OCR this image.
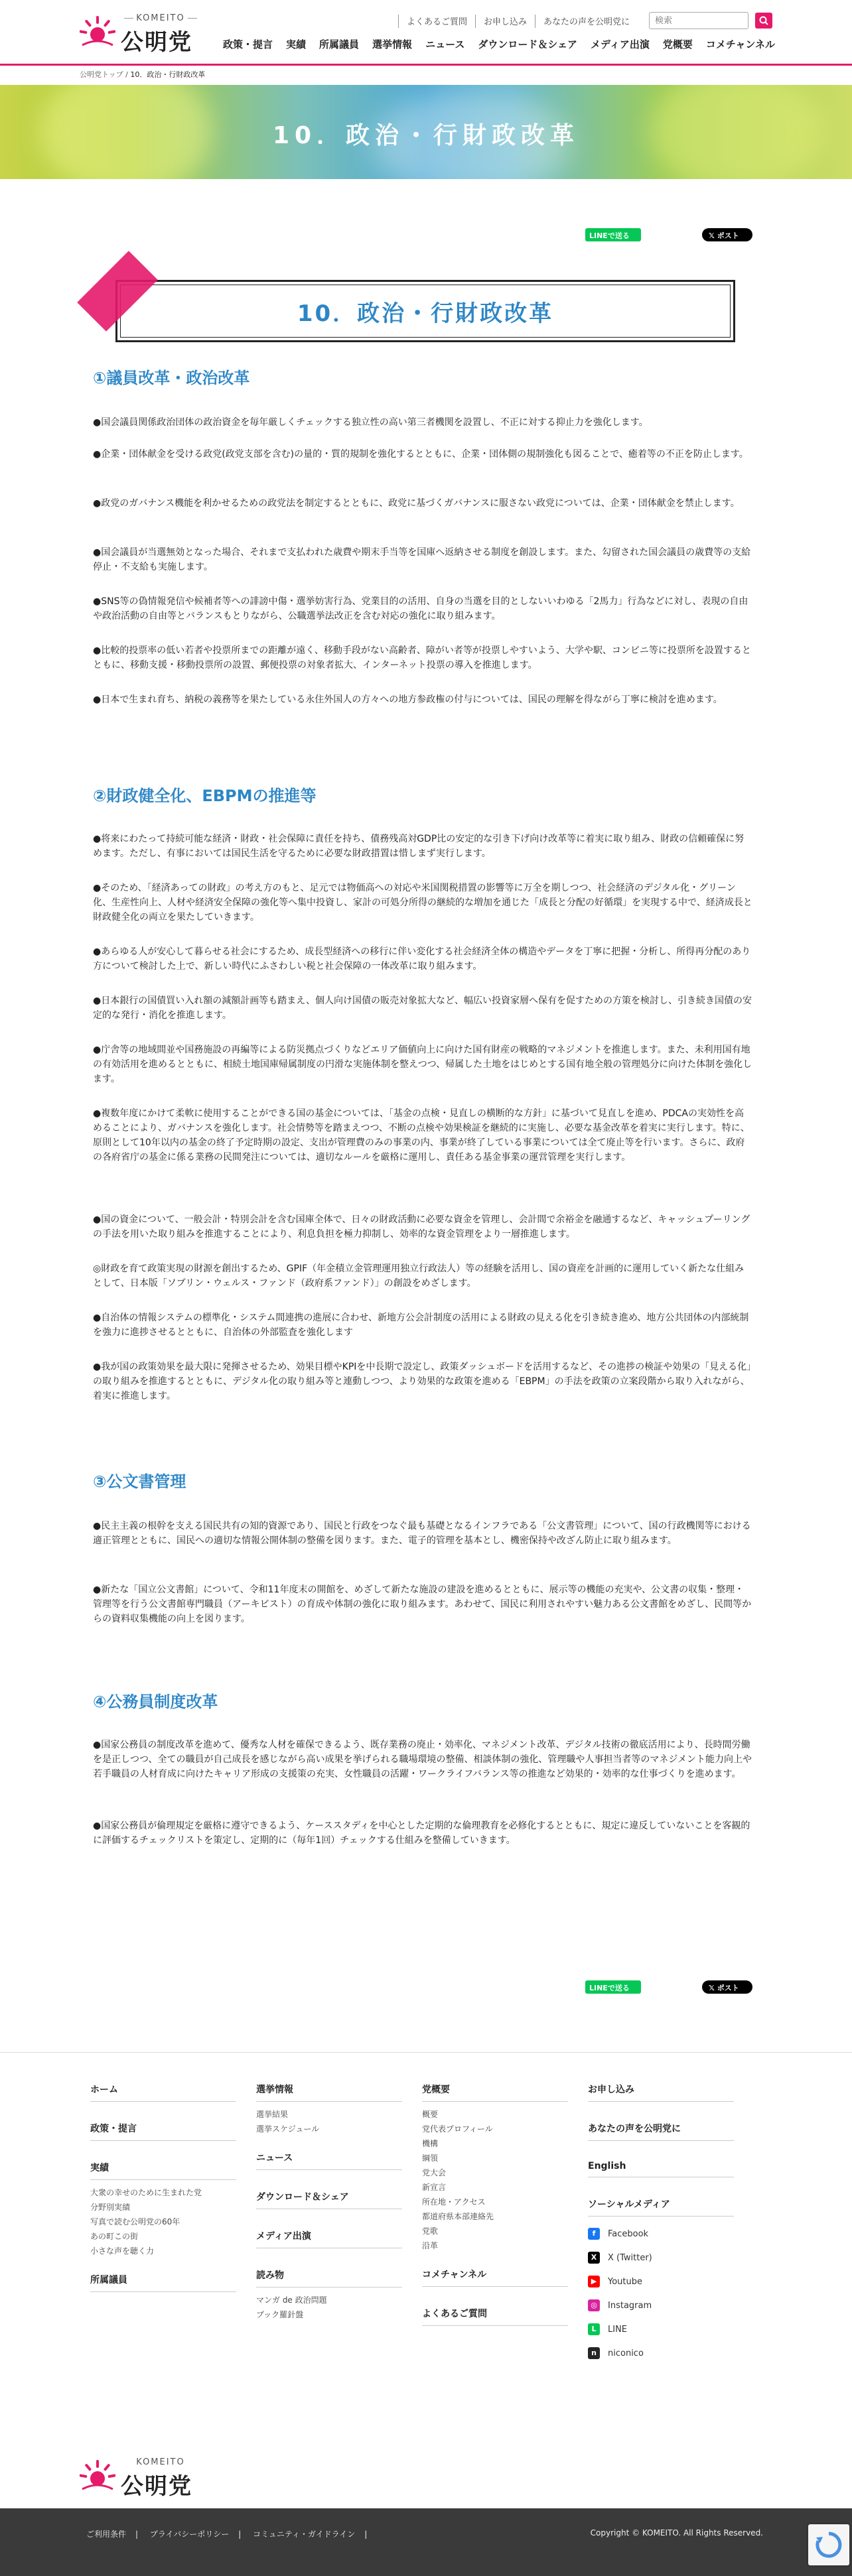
KOMEITO
公明党
よくあるご質問	お申し込み	あなたの声を公明党に
検索
政策・提言 実績 所属議員 選挙情報 ニュース ダウンロード＆シェア メディア出演 党概要 コメチャンネル
公明党トップ / 10．政治・行財政改革
10．政治・行財政改革
LINEで送る	𝕏 ポスト
10．政治・行財政改革
①議員改革・政治改革
●国会議員関係政治団体の政治資金を毎年厳しくチェックする独立性の高い第三者機関を設置し、不正に対する抑止力を強化します。
●企業・団体献金を受ける政党(政党支部を含む)の量的・質的規制を強化するとともに、企業・団体側の規制強化も図ることで、癒着等の不正を防止します。
●政党のガバナンス機能を利かせるための政党法を制定するとともに、政党に基づくガバナンスに服さない政党については、企業・団体献金を禁止します。
●国会議員が当選無効となった場合、それまで支払われた歳費や期末手当等を国庫へ返納させる制度を創設します。また、勾留された国会議員の歳費等の支給停止・不支給も実施します。
●SNS等の偽情報発信や候補者等への誹謗中傷・選挙妨害行為、党業目的の活用、自身の当選を目的としないいわゆる「2馬力」行為などに対し、表現の自由や政治活動の自由等とバランスもとりながら、公職選挙法改正を含む対応の強化に取り組みます。
●比較的投票率の低い若者や投票所までの距離が遠く、移動手段がない高齢者、障がい者等が投票しやすいよう、大学や駅、コンビニ等に投票所を設置するとともに、移動支援・移動投票所の設置、郵便投票の対象者拡大、インターネット投票の導入を推進します。
●日本で生まれ育ち、納税の義務等を果たしている永住外国人の方々への地方参政権の付与については、国民の理解を得ながら丁寧に検討を進めます。
②財政健全化、EBPMの推進等
●将来にわたって持続可能な経済・財政・社会保障に責任を持ち、債務残高対GDP比の安定的な引き下げ向け改革等に着実に取り組み、財政の信頼確保に努めます。ただし、有事においては国民生活を守るために必要な財政措置は惜しまず実行します。
●そのため、「経済あっての財政」の考え方のもと、足元では物価高への対応や米国関税措置の影響等に万全を期しつつ、社会経済のデジタル化・グリーン化、生産性向上、人材や経済安全保障の強化等へ集中投資し、家計の可処分所得の継続的な増加を通じた「成長と分配の好循環」を実現する中で、経済成長と財政健全化の両立を果たしていきます。
●あらゆる人が安心して暮らせる社会にするため、成長型経済への移行に伴い変化する社会経済全体の構造やデータを丁寧に把握・分析し、所得再分配のあり方について検討した上で、新しい時代にふさわしい税と社会保障の一体改革に取り組みます。
●日本銀行の国債買い入れ額の減額計画等も踏まえ、個人向け国債の販売対象拡大など、幅広い投資家層へ保有を促すための方策を検討し、引き続き国債の安定的な発行・消化を推進します。
●庁舎等の地域間並や国務施設の再編等による防災拠点づくりなどエリア価値向上に向けた国有財産の戦略的マネジメントを推進します。また、未利用国有地の有効活用を進めるとともに、相続土地国庫帰属制度の円滑な実施体制を整えつつ、帰属した土地をはじめとする国有地全般の管理処分に向けた体制を強化します。
●複数年度にかけて柔軟に使用することができる国の基金については、「基金の点検・見直しの横断的な方針」に基づいて見直しを進め、PDCAの実効性を高めることにより、ガバナンスを強化します。社会情勢等を踏まえつつ、不断の点検や効果検証を継続的に実施し、必要な基金改革を着実に実行します。特に、原則として10年以内の基金の終了予定時期の設定、支出が管理費のみの事業の内、事業が終了している事業については全て廃止等を行います。さらに、政府の各府省庁の基金に係る業務の民間発注については、適切なルールを厳格に運用し、責任ある基金事業の運営管理を実行します。
●国の資金について、一般会計・特別会計を含む国庫全体で、日々の財政活動に必要な資金を管理し、会計間で余裕金を融通するなど、キャッシュプーリングの手法を用いた取り組みを推進することにより、利息負担を極力抑制し、効率的な資金管理をより一層推進します。
◎財政を育て政策実現の財源を創出するため、GPIF（年金積立金管理運用独立行政法人）等の経験を活用し、国の資産を計画的に運用していく新たな仕組みとして、日本版「ソブリン・ウェルス・ファンド（政府系ファンド）」の創設をめざします。
●自治体の情報システムの標準化・システム間連携の進展に合わせ、新地方公会計制度の活用による財政の見える化を引き続き進め、地方公共団体の内部統制を強力に進捗させるとともに、自治体の外部監査を強化します
●我が国の政策効果を最大限に発揮させるため、効果目標やKPIを中長期で設定し、政策ダッシュボードを活用するなど、その進捗の検証や効果の「見える化」の取り組みを推進するとともに、デジタル化の取り組み等と連動しつつ、より効果的な政策を進める「EBPM」の手法を政策の立案段階から取り入れながら、着実に推進します。
③公文書管理
●民主主義の根幹を支える国民共有の知的資源であり、国民と行政をつなぐ最も基礎となるインフラである「公文書管理」について、国の行政機関等における適正管理とともに、国民への適切な情報公開体制の整備を図ります。また、電子的管理を基本とし、機密保持や改ざん防止に取り組みます。
●新たな「国立公文書館」について、令和11年度末の開館を、めざして新たな施設の建設を進めるとともに、展示等の機能の充実や、公文書の収集・整理・管理等を行う公文書館専門職員（アーキビスト）の育成や体制の強化に取り組みます。あわせて、国民に利用されやすい魅力ある公文書館をめざし、民間等からの資料収集機能の向上を図ります。
④公務員制度改革
●国家公務員の制度改革を進めて、優秀な人材を確保できるよう、既存業務の廃止・効率化、マネジメント改革、デジタル技術の徹底活用により、長時間労働を是正しつつ、全ての職員が自己成長を感じながら高い成果を挙げられる職場環境の整備、相談体制の強化、管理職や人事担当者等のマネジメント能力向上や若手職員の人材育成に向けたキャリア形成の支援策の充実、女性職員の活躍・ワークライフバランス等の推進など効果的・効率的な仕事づくりを進めます。
●国家公務員が倫理規定を厳格に遵守できるよう、ケーススタディを中心とした定期的な倫理教育を必修化するとともに、規定に違反していないことを客観的に評価するチェックリストを策定し、定期的に（毎年1回）チェックする仕組みを整備していきます。
LINEで送る	𝕏 ポスト
ホーム
政策・提言
実績
大衆の幸せのために生まれた党
分野別実績
写真で読む公明党の60年
あの町この街
小さな声を聴く力
所属議員
選挙情報
選挙結果
選挙スケジュール
ニュース
ダウンロード＆シェア
メディア出演
読み物
マンガ de 政治問題
ブック羅針盤
党概要
概要
党代表プロフィール
機構
綱領
党大会
新宣言
所在地・アクセス
都道府県本部連絡先
党歌
沿革
コメチャンネル
よくあるご質問
お申し込み
あなたの声を公明党に
English
ソーシャルメディア
f	Facebook
X	X (Twitter)
▶	Youtube
◎	Instagram
L	LINE
n	niconico
KOMEITO
公明党
ご利用条件 | プライバシーポリシー | コミュニティ・ガイドライン |	Copyright © KOMEITO. All Rights Reserved.
